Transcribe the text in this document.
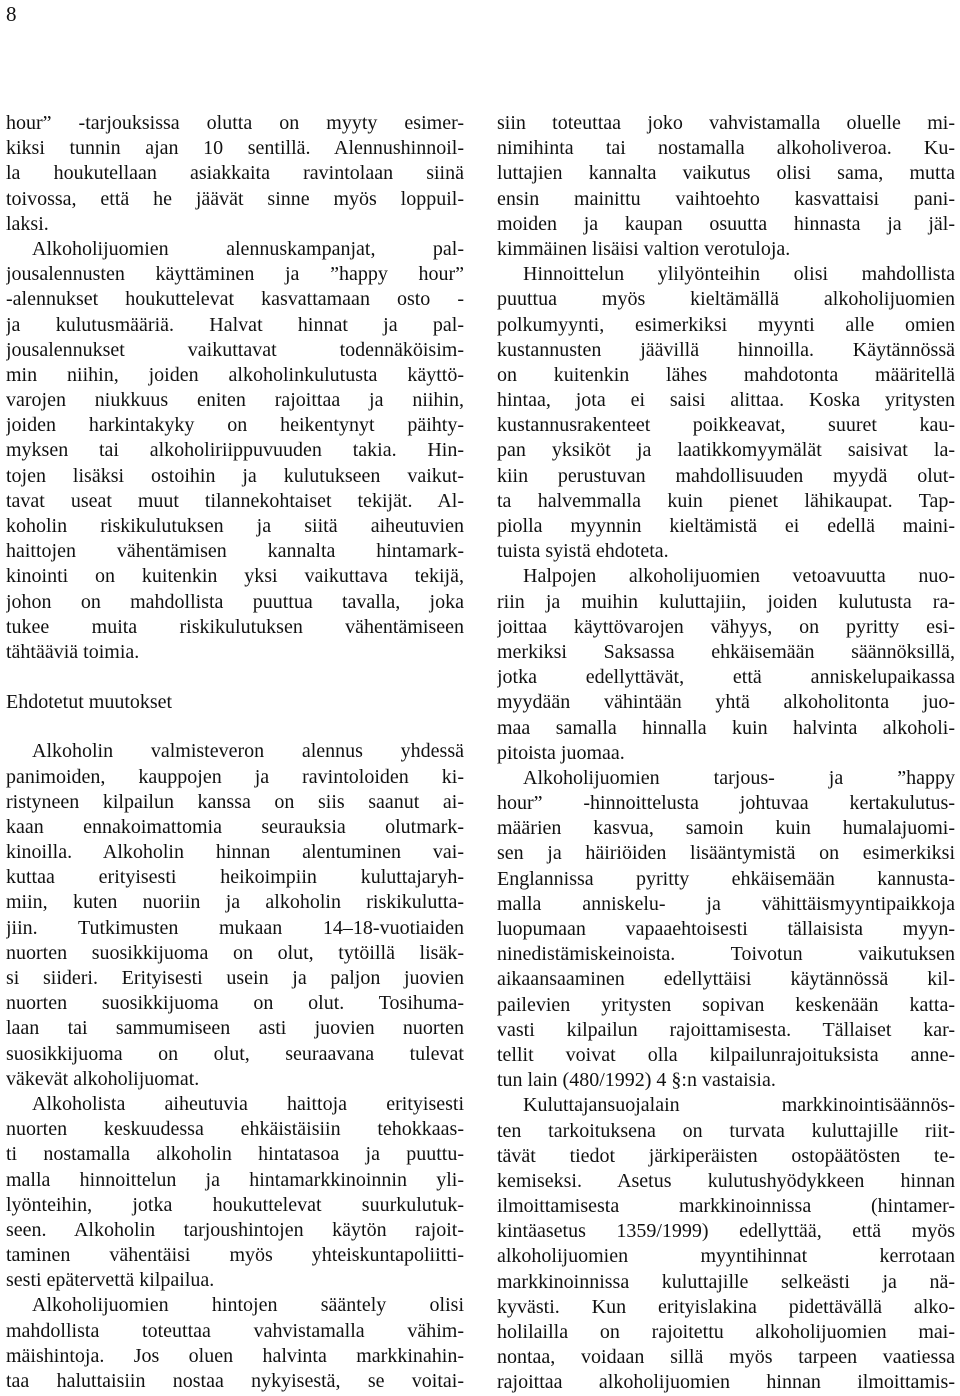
8
hour” -tarjouksissa olutta on myyty esimer-
kiksi tunnin ajan 10 sentillä. Alennushinnoil-
la houkutellaan asiakkaita ravintolaan siinä
toivossa, että he jäävät sinne myös loppuil-
laksi.
Alkoholijuomien alennuskampanjat, pal-
jousalennusten käyttäminen ja ”happy hour”
-alennukset houkuttelevat kasvattamaan osto -
ja kulutusmääriä. Halvat hinnat ja pal-
jousalennukset vaikuttavat todennäköisim-
min niihin, joiden alkoholinkulutusta käyttö-
varojen niukkuus eniten rajoittaa ja niihin,
joiden harkintakyky on heikentynyt päihty-
myksen tai alkoholiriippuvuuden takia. Hin-
tojen lisäksi ostoihin ja kulutukseen vaikut-
tavat useat muut tilannekohtaiset tekijät. Al-
koholin riskikulutuksen ja siitä aiheutuvien
haittojen vähentämisen kannalta hintamark-
kinointi on kuitenkin yksi vaikuttava tekijä,
johon on mahdollista puuttua tavalla, joka
tukee muita riskikulutuksen vähentämiseen
tähtääviä toimia.
Ehdotetut muutokset
Alkoholin valmisteveron alennus yhdessä
panimoiden, kauppojen ja ravintoloiden ki-
ristyneen kilpailun kanssa on siis saanut ai-
kaan ennakoimattomia seurauksia olutmark-
kinoilla. Alkoholin hinnan alentuminen vai-
kuttaa erityisesti heikoimpiin kuluttajaryh-
miin, kuten nuoriin ja alkoholin riskikulutta-
jiin. Tutkimusten mukaan 14–18-vuotiaiden
nuorten suosikkijuoma on olut, tytöillä lisäk-
si siideri. Erityisesti usein ja paljon juovien
nuorten suosikkijuoma on olut. Tosihuma-
laan tai sammumiseen asti juovien nuorten
suosikkijuoma on olut, seuraavana tulevat
väkevät alkoholijuomat.
Alkoholista aiheutuvia haittoja erityisesti
nuorten keskuudessa ehkäistäisiin tehokkaas-
ti nostamalla alkoholin hintatasoa ja puuttu-
malla hinnoittelun ja hintamarkkinoinnin yli-
lyönteihin, jotka houkuttelevat suurkulutuk-
seen. Alkoholin tarjoushintojen käytön rajoit-
taminen vähentäisi myös yhteiskuntapoliitti-
sesti epätervettä kilpailua.
Alkoholijuomien hintojen sääntely olisi
mahdollista toteuttaa vahvistamalla vähim-
mäishintoja. Jos oluen halvinta markkinahin-
taa haluttaisiin nostaa nykyisestä, se voitai-
siin toteuttaa joko vahvistamalla oluelle mi-
nimihinta tai nostamalla alkoholiveroa. Ku-
luttajien kannalta vaikutus olisi sama, mutta
ensin mainittu vaihtoehto kasvattaisi pani-
moiden ja kaupan osuutta hinnasta ja jäl-
kimmäinen lisäisi valtion verotuloja.
Hinnoittelun ylilyönteihin olisi mahdollista
puuttua myös kieltämällä alkoholijuomien
polkumyynti, esimerkiksi myynti alle omien
kustannusten jäävillä hinnoilla. Käytännössä
on kuitenkin lähes mahdotonta määritellä
hintaa, jota ei saisi alittaa. Koska yritysten
kustannusrakenteet poikkeavat, suuret kau-
pan yksiköt ja laatikkomyymälät saisivat la-
kiin perustuvan mahdollisuuden myydä olut-
ta halvemmalla kuin pienet lähikaupat. Tap-
piolla myynnin kieltämistä ei edellä maini-
tuista syistä ehdoteta.
Halpojen alkoholijuomien vetoavuutta nuo-
riin ja muihin kuluttajiin, joiden kulutusta ra-
joittaa käyttövarojen vähyys, on pyritty esi-
merkiksi Saksassa ehkäisemään säännöksillä,
jotka edellyttävät, että anniskelupaikassa
myydään vähintään yhtä alkoholitonta juo-
maa samalla hinnalla kuin halvinta alkoholi-
pitoista juomaa.
Alkoholijuomien tarjous- ja ”happy
hour” -hinnoittelusta johtuvaa kertakulutus-
määrien kasvua, samoin kuin humalajuomi-
sen ja häiriöiden lisääntymistä on esimerkiksi
Englannissa pyritty ehkäisemään kannusta-
malla anniskelu- ja vähittäismyyntipaikkoja
luopumaan vapaaehtoisesti tällaisista myyn-
ninedistämiskeinoista. Toivotun vaikutuksen
aikaansaaminen edellyttäisi käytännössä kil-
pailevien yritysten sopivan keskenään katta-
vasti kilpailun rajoittamisesta. Tällaiset kar-
tellit voivat olla kilpailunrajoituksista anne-
tun lain (480/1992) 4 §:n vastaisia.
Kuluttajansuojalain markkinointisäännös-
ten tarkoituksena on turvata kuluttajille riit-
tävät tiedot järkiperäisten ostopäätösten te-
kemiseksi. Asetus kulutushyödykkeen hinnan
ilmoittamisesta markkinoinnissa (hintamer-
kintäasetus 1359/1999) edellyttää, että myös
alkoholijuomien myyntihinnat kerrotaan
markkinoinnissa kuluttajille selkeästi ja nä-
kyvästi. Kun erityislakina pidettävällä alko-
holilailla on rajoitettu alkoholijuomien mai-
nontaa, voidaan sillä myös tarpeen vaatiessa
rajoittaa alkoholijuomien hinnan ilmoittamis-
